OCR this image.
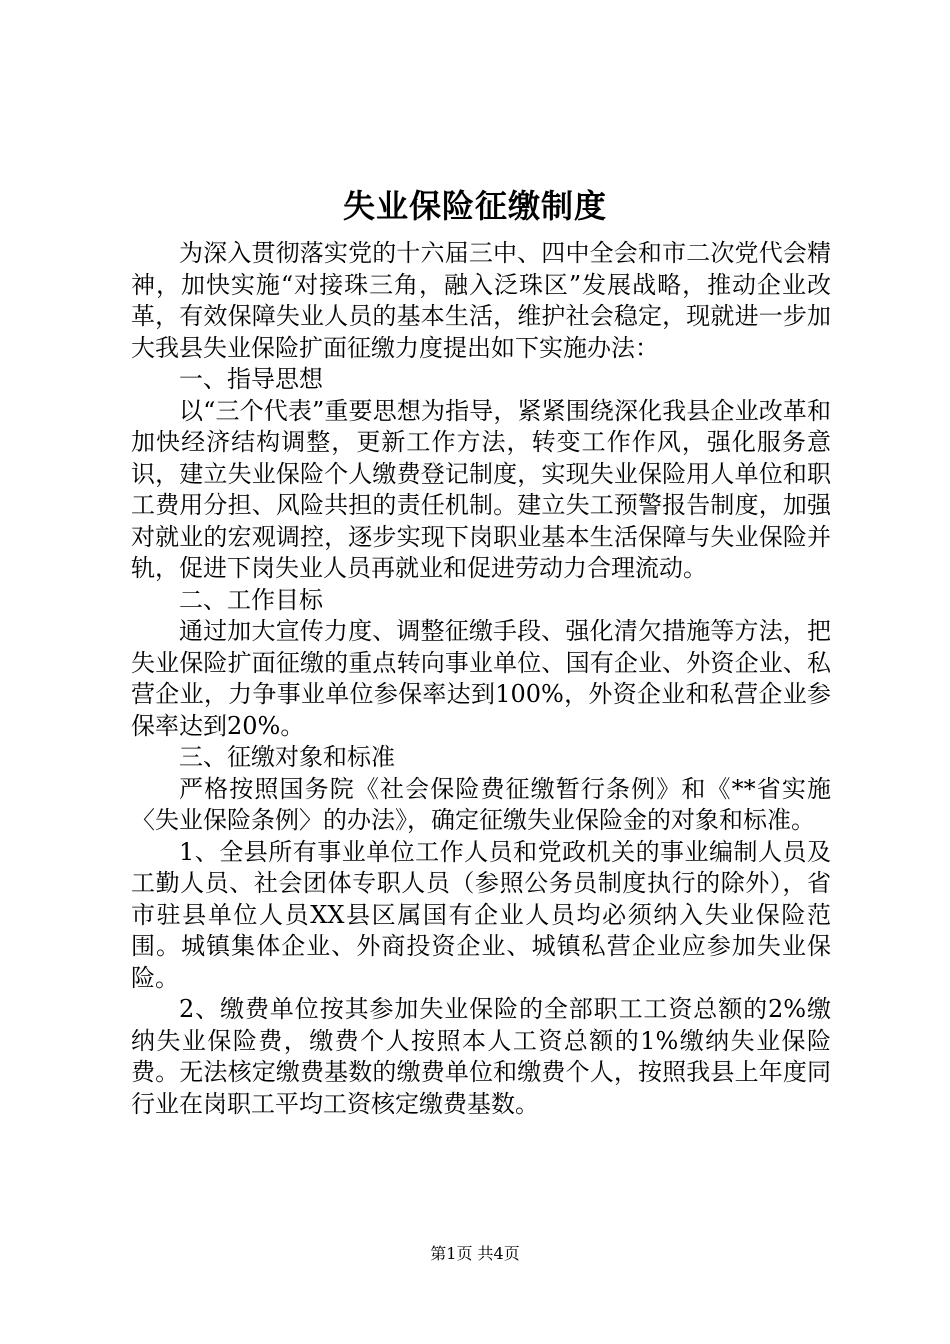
失业保险征缴制度

为深入贯彻落实党的十六届三中、四中全会和市二次党代会精神，加快实施“对接珠三角，融入泛珠区”发展战略，推动企业改革，有效保障失业人员的基本生活，维护社会稳定，现就进一步加大我县失业保险扩面征缴力度提出如下实施办法：

一、指导思想

以“三个代表”重要思想为指导，紧紧围绕深化我县企业改革和加快经济结构调整，更新工作方法，转变工作作风，强化服务意识，建立失业保险个人缴费登记制度，实现失业保险用人单位和职工费用分担、风险共担的责任机制。建立失工预警报告制度，加强对就业的宏观调控，逐步实现下岗职业基本生活保障与失业保险并轨，促进下岗失业人员再就业和促进劳动力合理流动。

二、工作目标

通过加大宣传力度、调整征缴手段、强化清欠措施等方法，把失业保险扩面征缴的重点转向事业单位、国有企业、外资企业、私营企业，力争事业单位参保率达到100%，外资企业和私营企业参保率达到20%。

三、征缴对象和标准

严格按照国务院《社会保险费征缴暂行条例》和《**省实施〈失业保险条例〉的办法》，确定征缴失业保险金的对象和标准。

1、全县所有事业单位工作人员和党政机关的事业编制人员及工勤人员、社会团体专职人员（参照公务员制度执行的除外），省市驻县单位人员XX县区属国有企业人员均必须纳入失业保险范围。城镇集体企业、外商投资企业、城镇私营企业应参加失业保险。

2、缴费单位按其参加失业保险的全部职工工资总额的2%缴纳失业保险费，缴费个人按照本人工资总额的1%缴纳失业保险费。无法核定缴费基数的缴费单位和缴费个人，按照我县上年度同行业在岗职工平均工资核定缴费基数。

第1页 共4页
